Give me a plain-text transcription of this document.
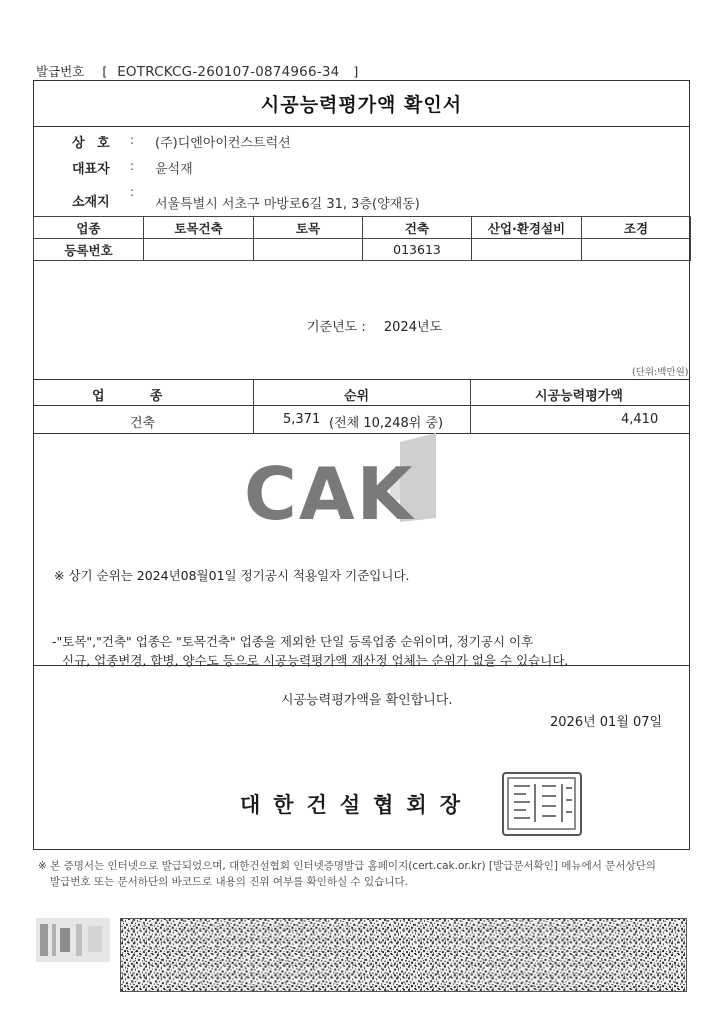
발급번호 [ EOTRCKCG-260107-0874966-34 ]
시공능력평가액 확인서
상 호 : (주)디엔아이컨스트럭션
대표자 : 윤석재
소재지
:
서울특별시 서초구 마방로6길 31, 3층(양재동)
업종	토목건축	토목	건축	산업·환경설비	조경
등록번호			013613		
기준년도 : 2024년도
(단위:백만원)
업          종	순위	시공능력평가액
건축	5,371 (전체 10,248위 중)	4,410
CAK
※ 상기 순위는 2024년08월01일 정기공시 적용일자 기준입니다.
-"토목","건축" 업종은 "토목건축" 업종을 제외한 단일 등록업종 순위이며, 정기공시 이후
신규, 업종변경, 합병, 양수도 등으로 시공능력평가액 재산정 업체는 순위가 없을 수 있습니다.
시공능력평가액을 확인합니다.
2026년 01월 07일
대한건설협회장
※ 본 증명서는 인터넷으로 발급되었으며, 대한건설협회 인터넷증명발급 홈페이지(cert.cak.or.kr) [발급문서확인] 메뉴에서 문서상단의
발급번호 또는 문서하단의 바코드로 내용의 진위 여부를 확인하실 수 있습니다.
